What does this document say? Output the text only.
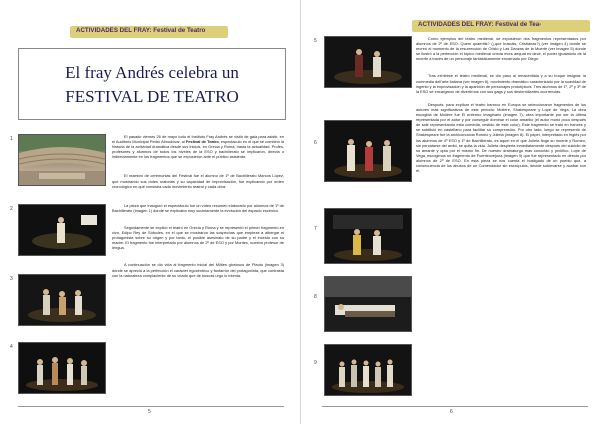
ACTIVIDADES DEL FRAY: Festival de Teatro
El fray Andrés celebra un
FESTIVAL DE TEATRO
1
2
3
4

El pasado viernes 26 de mayo todo el Instituto Fray Andrés se vistió de gala para asistir, en el Auditorio Municipal Pedro Almodóvar, al Festival de Teatro, espectáculo en el que se combinó la historia de la actividad dramática desde sus inicios, en Grecia y Roma, hasta la actualidad. Profes, profesores y alumnos de todos los niveles de la ESO y bachillerato se implicaron, directa o indirectamente en los fragmentos que se expusieron ante el público asistente.

El maestro de ceremonias del Festival fue el alumno de 1º de Bachillerato Marcos López, que mostrando sus dotes oratorias y su capacidad de improvisación, fue explicando por orden cronológico en qué consistía cada movimiento teatral y cada obra.

La pieza que inauguró el espectáculo fue un vídeo resumen elaborado por alumnos de 1º de Bachillerato (imagen 1) donde se explicaba muy sucintamente la evolución del espacio escénico.

Seguidamente se explicó el teatro en Grecia y Roma y se representó el primer fragmento en vivo, Edipo Rey de Sófocles, en el que se mostraron las sospechas que empieza a albergar el protagonista sobre su origen y por tanto, el posible asesinato de su padre y el incesto con su madre. El fragmento fue interpretado por alumnos de 2º de ESO y por Montes, nuestro profesor de lengua.

A continuación se dio vida al fragmento inicial del Milites gloriosus de Plauto (imagen 3) donde se apreció a la perfección el carácter egocéntrico y fanfarrón del protagonista, que contrasta con la naturaleza complaciente de su criado que de buscas urgo lo intenta.

5
ACTIVIDADES DEL FRAY: Festival de Tea-
5
6
7
8
9

Como ejemplos del teatro medieval, se expusieron dos fragmentos representados por alumnos de 2º de ESO: Quem quaeritis? (¿qué buscáis, Cristianas?) (ver imagen 4) donde se recreó el momento de la resurrección de Cristo y Las Danzas de la Muerte (ver imagen 5) donde se ilustró a la perfección el tópico medieval omnia mors aequat es decir, el poder igualatorio de la muerte a través de un personaje fantásticamente encarnado por Diego.

Tras exhibirse el teatro medieval, se dio paso al renacentista y a su buque insignia: la commedia dell'arte italiana (ver imagen 6), movimiento dramático caracterizado por la suavidad de ingenio y la improvisación y la aparición de personajes prototípicos. Tres alumnos de 1º, 2º y 3º de la ESO se encargaron de divertirnos con sus gags y sus desternillantes ocurrencias.

Después, para explicar el teatro barroco en Europa se seleccionaron fragmentos de los autores más significativos de este periodo: Molière, Shakespeare y Lope de Vega. La obra escogida de Molière fue El enfermo imaginario (imagen 7), obra importante por ser la última representada por el autor y por conseguir dominar el color amarillo (el autor murió poco después de salir representando esta comedia, vestido de este color). Este fragmento se trató en francés y se subtituló en castellano para facilitar su comprensión. Por otro lado, luego se representó de Shakespeare fue la archiconocida Romeo y Julieta (imagen 8). El papel, interpretado en inglés por los alumnos de 4º ESO y 1º de Bachillerato, es aquel en el que Julieta finge su muerte y Romeo, sin percatarse del ardid, se quita la vida. Julieta despierta inmediatamente después del suicidio de su amante y opta por el mismo fin. De nuestro dramaturgo más conocido y prolífico, Lope de Vega, escogimos un fragmento de Fuenteovejuna (imagen 9) que fue representado en directo por alumnos de 2º de ESO. En esta pieza se nos cuenta el hostigado de un pueblo que, a consecuencia de los abusos de un Comendador sin escrúpulos, decide sublevarse y acabar con él.

6
